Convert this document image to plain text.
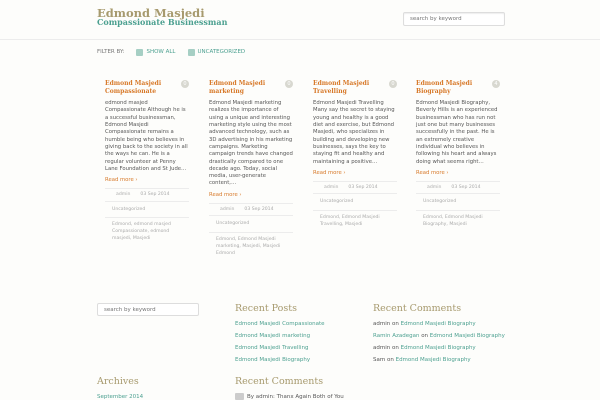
Edmond Masjedi
Compassionate Businessman
search by keyword
FILTER BY:	SHOW ALL	UNCATEGORIZED
Edmond Masjedi Compassionate
0
edmond masjed Compassionate Although he is a successful businessman, Edmond Masjedi Compassionate remains a humble being who believes in giving back to the society in all the ways he can. He is a regular volunteer at Penny Lane Foundation and St Jude…
Read more ›
admin 03 Sep 2014
Uncategorized
Edmond, edmond masjed Compassionate, edmond masjedi, Masjedi
Edmond Masjedi marketing
0
Edmond Masjedi marketing realizes the importance of using a unique and interesting marketing style using the most advanced technology, such as 3D advertising in his marketing campaigns. Marketing campaign trends have changed drastically compared to one decade ago. Today, social media, user-generate content,…
Read more ›
admin 03 Sep 2014
Uncategorized
Edmond, Edmond Masjedi marketing, Masjedi, Masjedi Edmond
Edmond Masjedi Travelling
0
Edmond Masjedi Travelling Many say the secret to staying young and healthy is a good diet and exercise, but Edmond Masjedi, who specializes in building and developing new businesses, says the key to staying fit and healthy and maintaining a positive…
Read more ›
admin 03 Sep 2014
Uncategorized
Edmond, Edmond Masjedi Travelling, Masjedi
Edmond Masjedi Biography
4
Edmond Masjedi Biography, Beverly Hills is an experienced businessman who has run not just one but many businesses successfully in the past. He is an extremely creative individual who believes in following his heart and always doing what seems right…
Read more ›
admin 03 Sep 2014
Uncategorized
Edmond, Edmond Masjedi Biography, Masjedi
search by keyword
Recent Posts
Edmond Masjedi Compassionate
Edmond Masjedi marketing
Edmond Masjedi Travelling
Edmond Masjedi Biography
Recent Comments
admin on Edmond Masjedi Biography
Ramin Azadegan on Edmond Masjedi Biography
admin on Edmond Masjedi Biography
Sam on Edmond Masjedi Biography
Archives
September 2014
Recent Comments
By admin: Thanx Again Both of You
